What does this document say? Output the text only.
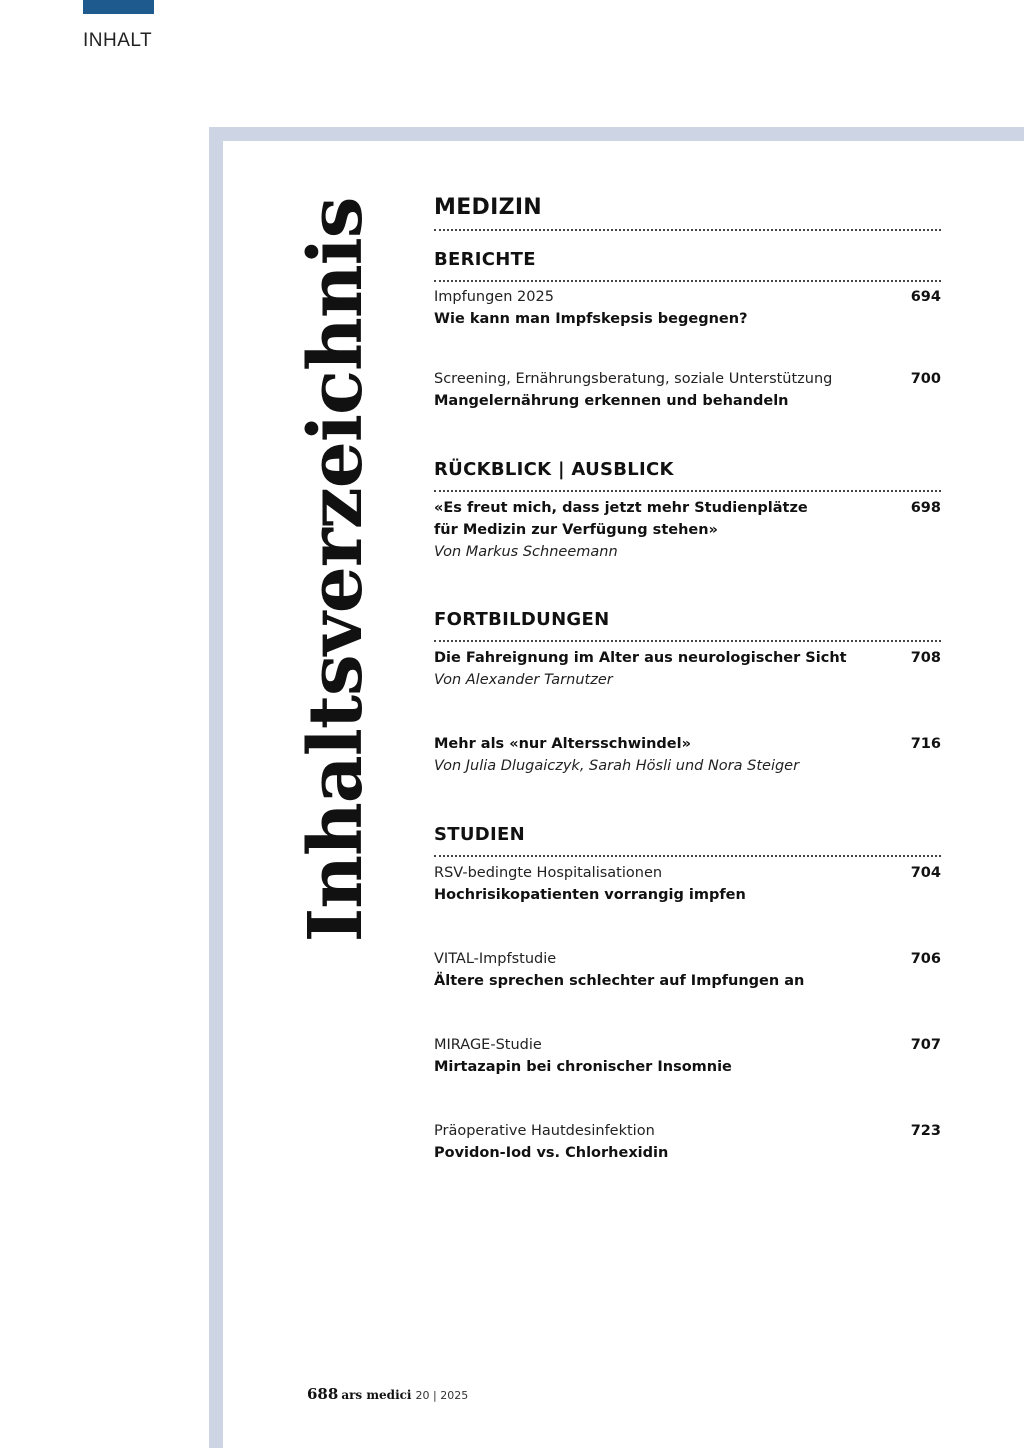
INHALT
Inhaltsverzeichnis	MEDIZIN
BERICHTE
Impfungen 2025
Wie kann man Impfskepsis begegnen?
694
Screening, Ernährungsberatung, soziale Unterstützung
Mangelernährung erkennen und behandeln
700
RÜCKBLICK | AUSBLICK
«Es freut mich, dass jetzt mehr Studienplätze
für Medizin zur Verfügung stehen»
Von Markus Schneemann
698
FORTBILDUNGEN
Die Fahreignung im Alter aus neurologischer Sicht
Von Alexander Tarnutzer
708
Mehr als «nur Altersschwindel»
Von Julia Dlugaiczyk, Sarah Hösli und Nora Steiger
716
STUDIEN
RSV-bedingte Hospitalisationen
Hochrisikopatienten vorrangig impfen
704
VITAL-Impfstudie
Ältere sprechen schlechter auf Impfungen an
706
MIRAGE-Studie
Mirtazapin bei chronischer Insomnie
707
Präoperative Hautdesinfektion
Povidon-Iod vs. Chlorhexidin
723
688 ars medici 20 | 2025
